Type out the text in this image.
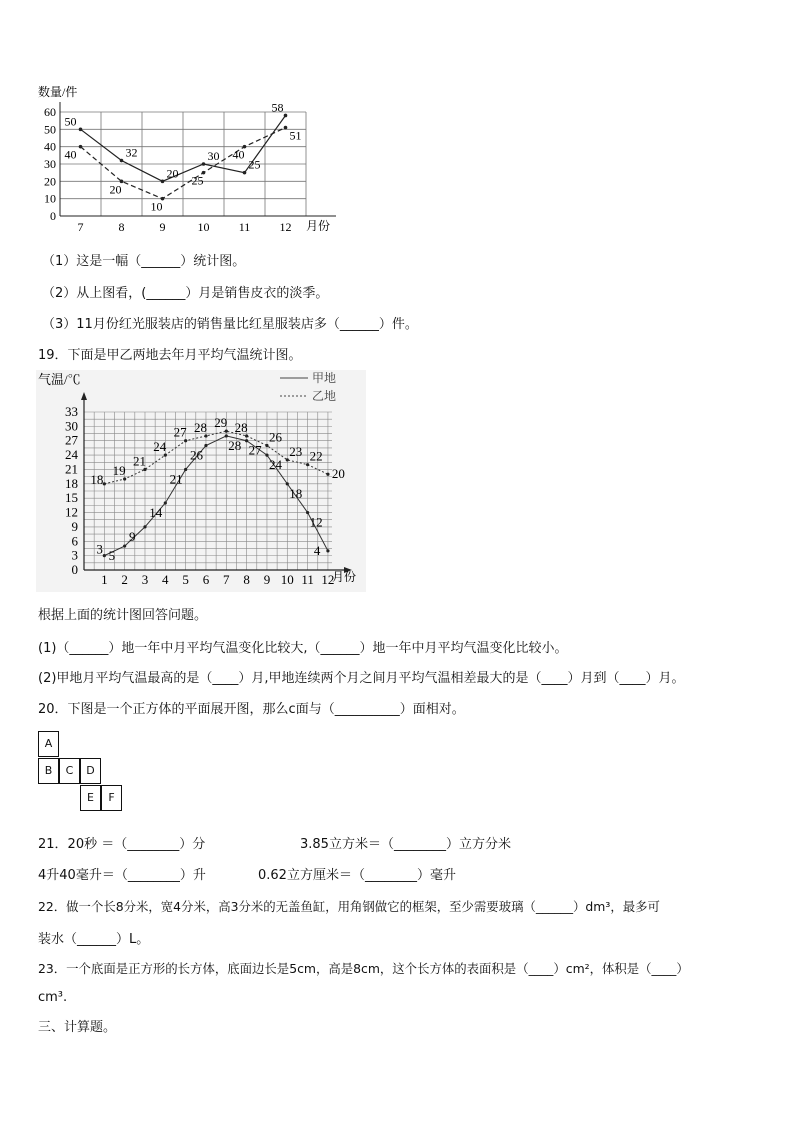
数量/件
0
10
20
30
40
50
60
7	8	9	10 11 12 月份
50
32
20
30
25
58
40
20
10
25
40
51
（1）这是一幅（______）统计图。
（2）从上图看，(______）月是销售皮衣的淡季。
（3）11月份红光服装店的销售量比红星服装店多（______）件。
19．下面是甲乙两地去年月平均气温统计图。
气温/℃	甲地
乙地
0
3
6
9
12
15
18
21
24
27
30
33
1 2 3 4 5 6 7 8 9 10 11 12
月份
3 5
9
14
21
26
28 27
24
18
12
4
18
19
21
24
27 28 29 28
26
23 22
20
根据上面的统计图回答问题。
(1)（______）地一年中月平均气温变化比较大,（______）地一年中月平均气温变化比较小。
(2)甲地月平均气温最高的是（____）月,甲地连续两个月之间月平均气温相差最大的是（____）月到（____）月。
20．下图是一个正方体的平面展开图，那么c面与（__________）面相对。
A
B	C	D
E	F
21．20秒 ＝（________）分	3.85立方米＝（________）立方分米
4升40毫升＝（________）升	0.62立方厘米＝（________）毫升
22．做一个长8分米，宽4分米，高3分米的无盖鱼缸，用角钢做它的框架，至少需要玻璃（______）dm³，最多可
装水（______）L。
23．一个底面是正方形的长方体，底面边长是5cm，高是8cm，这个长方体的表面积是（____）cm²，体积是（____）
cm³.
三、计算题。
